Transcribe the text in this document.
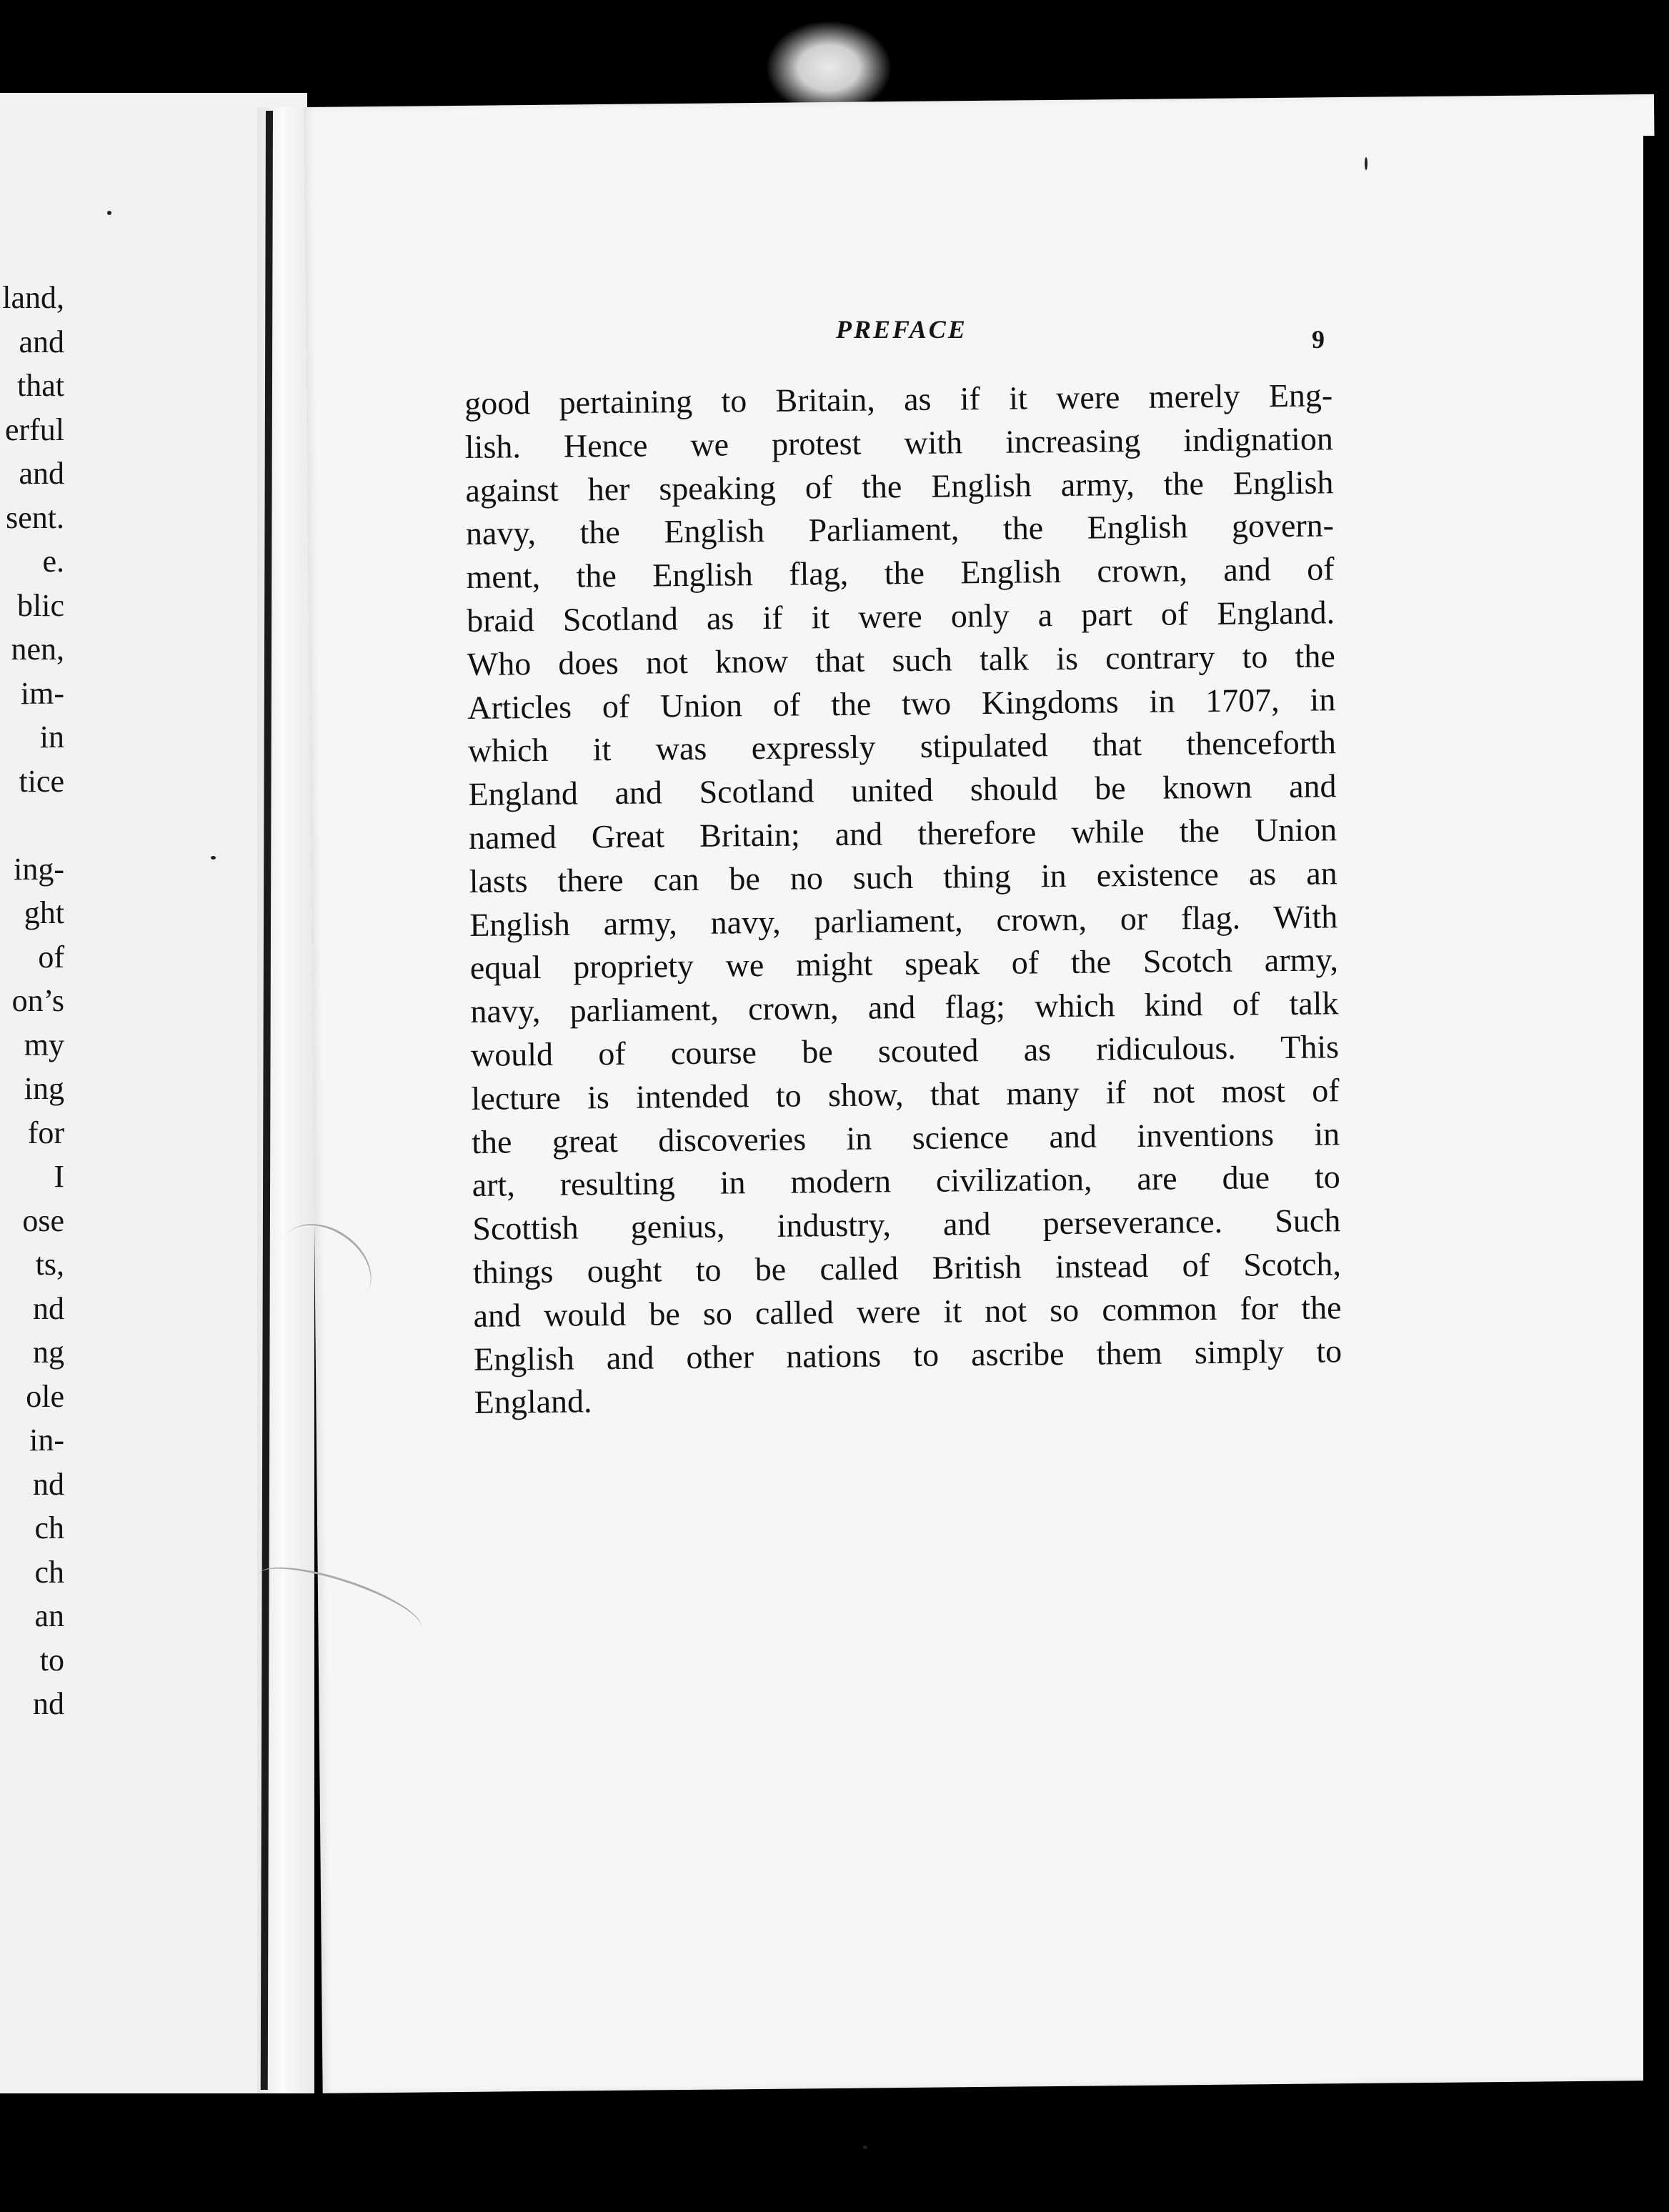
land,
and
that
erful
and
sent.
e.
blic
nen,
im-
in
tice
ing-
ght
of
on’s
my
ing
for
I
ose
ts,
nd
ng
ole
in-
nd
ch
ch
an
to
nd
PREFACE	9
good pertaining to Britain, as if it were merely Eng-
lish. Hence we protest with increasing indignation
against her speaking of the English army, the English
navy, the English Parliament, the English govern-
ment, the English flag, the English crown, and of
braid Scotland as if it were only a part of England.
Who does not know that such talk is contrary to the
Articles of Union of the two Kingdoms in 1707, in
which it was expressly stipulated that thenceforth
England and Scotland united should be known and
named Great Britain; and therefore while the Union
lasts there can be no such thing in existence as an
English army, navy, parliament, crown, or flag. With
equal propriety we might speak of the Scotch army,
navy, parliament, crown, and flag; which kind of talk
would of course be scouted as ridiculous. This
lecture is intended to show, that many if not most of
the great discoveries in science and inventions in
art, resulting in modern civilization, are due to
Scottish genius, industry, and perseverance. Such
things ought to be called British instead of Scotch,
and would be so called were it not so common for the
English and other nations to ascribe them simply to
England.
